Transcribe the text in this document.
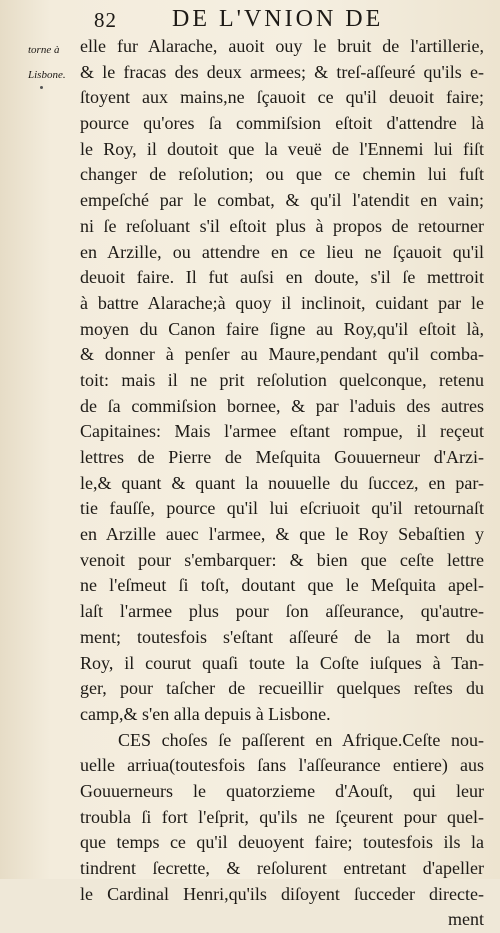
82 DE L'VNION DE
torne à
Lisbone.
elle fur Alarache, auoit ouy le bruit de l'artillerie,
& le fracas des deux armees; & treſ-aſſeuré qu'ils e-
ſtoyent aux mains,ne ſçauoit ce qu'il deuoit faire;
pource qu'ores ſa commiſsion eſtoit d'attendre là
le Roy, il doutoit que la veuë de l'Ennemi lui fiſt
changer de reſolution; ou que ce chemin lui fuſt
empeſché par le combat, & qu'il l'atendit en vain;
ni ſe reſoluant s'il eſtoit plus à propos de retourner
en Arzille, ou attendre en ce lieu ne ſçauoit qu'il
deuoit faire. Il fut auſsi en doute, s'il ſe mettroit
à battre Alarache;à quoy il inclinoit, cuidant par le
moyen du Canon faire ſigne au Roy,qu'il eſtoit là,
& donner à penſer au Maure,pendant qu'il comba-
toit: mais il ne prit reſolution quelconque, retenu
de ſa commiſsion bornee, & par l'aduis des autres
Capitaines: Mais l'armee eſtant rompue, il reçeut
lettres de Pierre de Meſquita Gouuerneur d'Arzi-
le,& quant & quant la nouuelle du ſuccez, en par-
tie fauſſe, pource qu'il lui eſcriuoit qu'il retournaſt
en Arzille auec l'armee, & que le Roy Sebaſtien y
venoit pour s'embarquer: & bien que ceſte lettre
ne l'eſmeut ſi toſt, doutant que le Meſquita apel-
laſt l'armee plus pour ſon aſſeurance, qu'autre-
ment; toutesfois s'eſtant aſſeuré de la mort du
Roy, il courut quaſi toute la Coſte iuſques à Tan-
ger, pour taſcher de recueillir quelques reſtes du
camp,& s'en alla depuis à Lisbone.
CES choſes ſe paſſerent en Afrique.Ceſte nou-
uelle arriua(toutesfois ſans l'aſſeurance entiere) aus
Gouuerneurs le quatorzieme d'Aouſt, qui leur
troubla ſi fort l'eſprit, qu'ils ne ſçeurent pour quel-
que temps ce qu'il deuoyent faire; toutesfois ils la
tindrent ſecrette, & reſolurent entretant d'apeller
le Cardinal Henri,qu'ils diſoyent ſucceder directe-
ment
